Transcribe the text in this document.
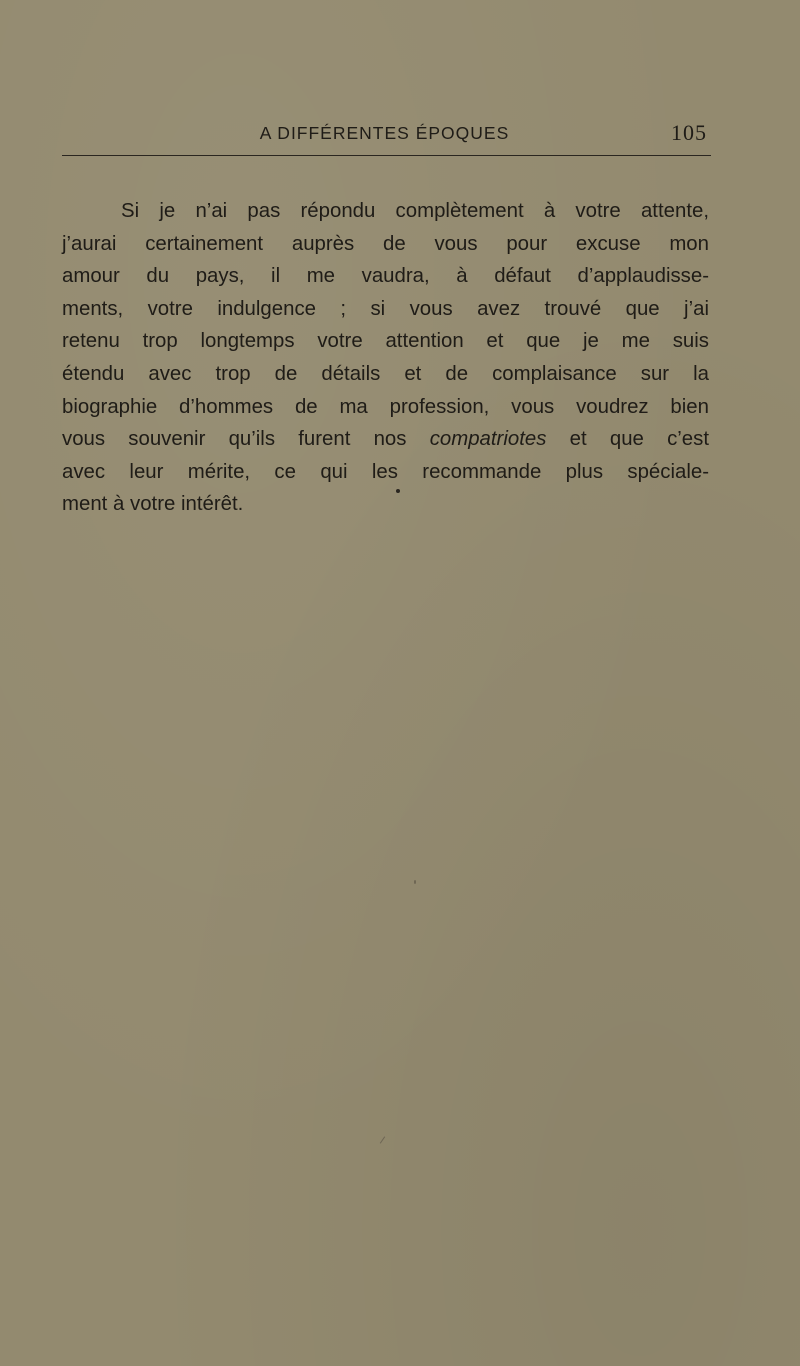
A DIFFÉRENTES ÉPOQUES	105
Si je n’ai pas répondu complètement à votre attente,
j’aurai certainement auprès de vous pour excuse mon
amour du pays, il me vaudra, à défaut d’applaudisse-
ments, votre indulgence ; si vous avez trouvé que j’ai
retenu trop longtemps votre attention et que je me suis
étendu avec trop de détails et de complaisance sur la
biographie d’hommes de ma profession, vous voudrez bien
vous souvenir qu’ils furent nos compatriotes et que c’est
avec leur mérite, ce qui les recommande plus spéciale-
ment à votre intérêt.
